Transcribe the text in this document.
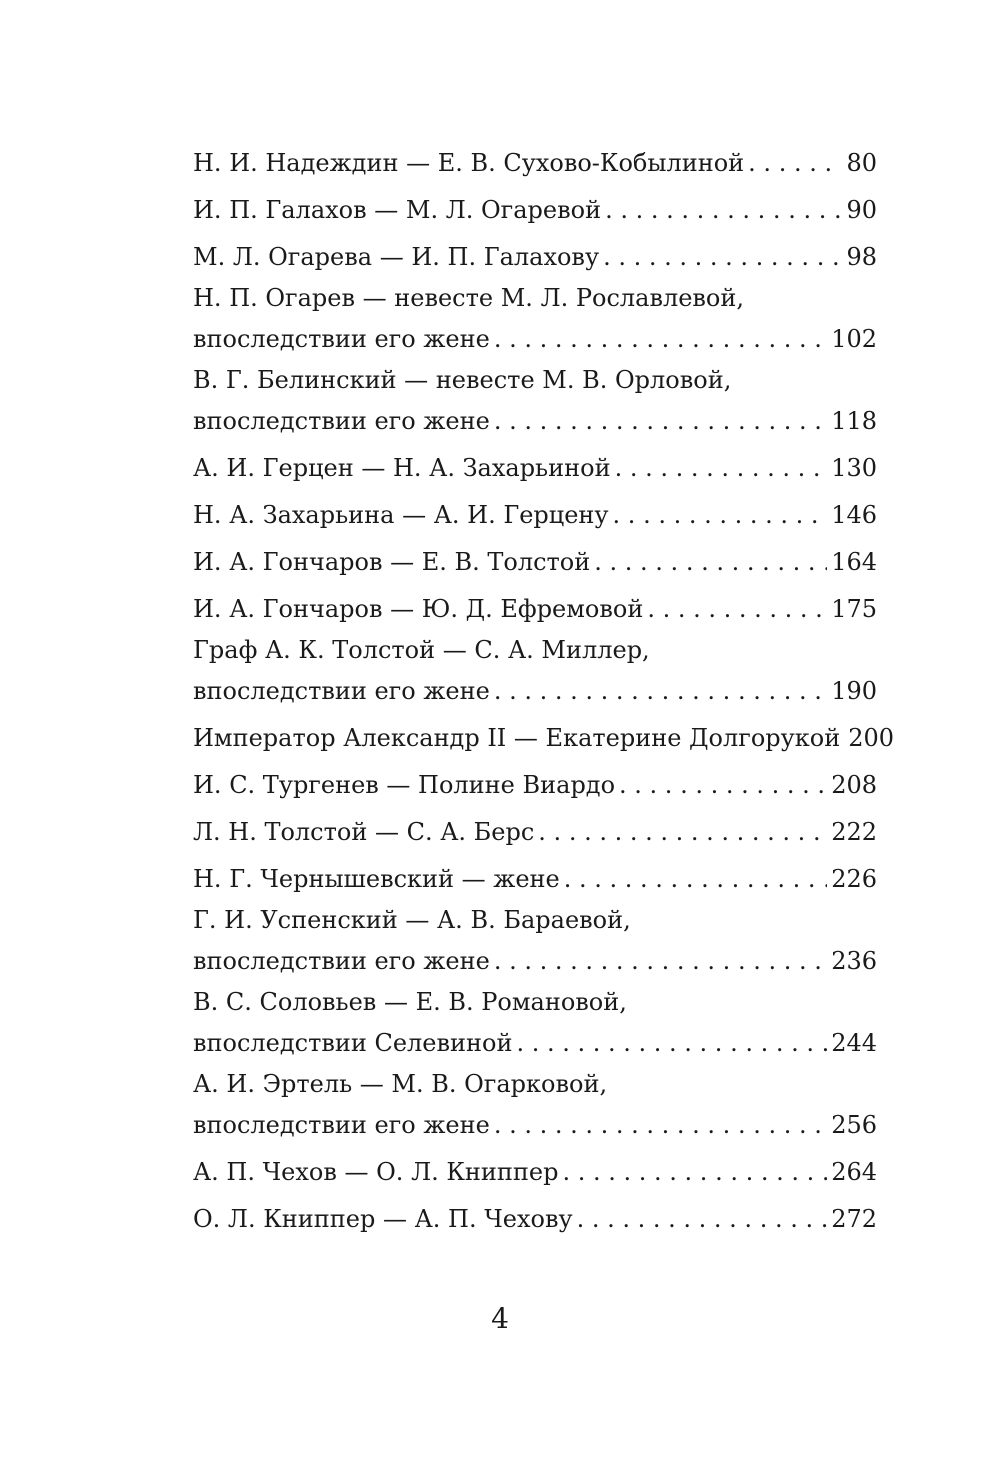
Н. И. Надеждин — Е. В. Сухово-Кобылиной . . .	80
И. П. Галахов — М. Л. Огаревой . . .	90
М. Л. Огарева — И. П. Галахову . . .	98
Н. П. Огарев — невесте М. Л. Рославлевой,
впоследствии его жене . . .	102
В. Г. Белинский — невесте М. В. Орловой,
впоследствии его жене . . .	118
А. И. Герцен — Н. А. Захарьиной . . .	130
Н. А. Захарьина — А. И. Герцену . . .	146
И. А. Гончаров — Е. В. Толстой . . .	164
И. А. Гончаров — Ю. Д. Ефремовой . . .	175
Граф А. К. Толстой — С. А. Миллер,
впоследствии его жене . . .	190
Император Александр II — Екатерине Долгорукой 200
И. С. Тургенев — Полине Виардо . . .	208
Л. Н. Толстой — С. А. Берс . . .	222
Н. Г. Чернышевский — жене . . .	226
Г. И. Успенский — А. В. Бараевой,
впоследствии его жене . . .	236
В. С. Соловьев — Е. В. Романовой,
впоследствии Селевиной . . .	244
А. И. Эртель — М. В. Огарковой,
впоследствии его жене . . .	256
А. П. Чехов — О. Л. Книппер . . .	264
О. Л. Книппер — А. П. Чехову . . .	272
4
